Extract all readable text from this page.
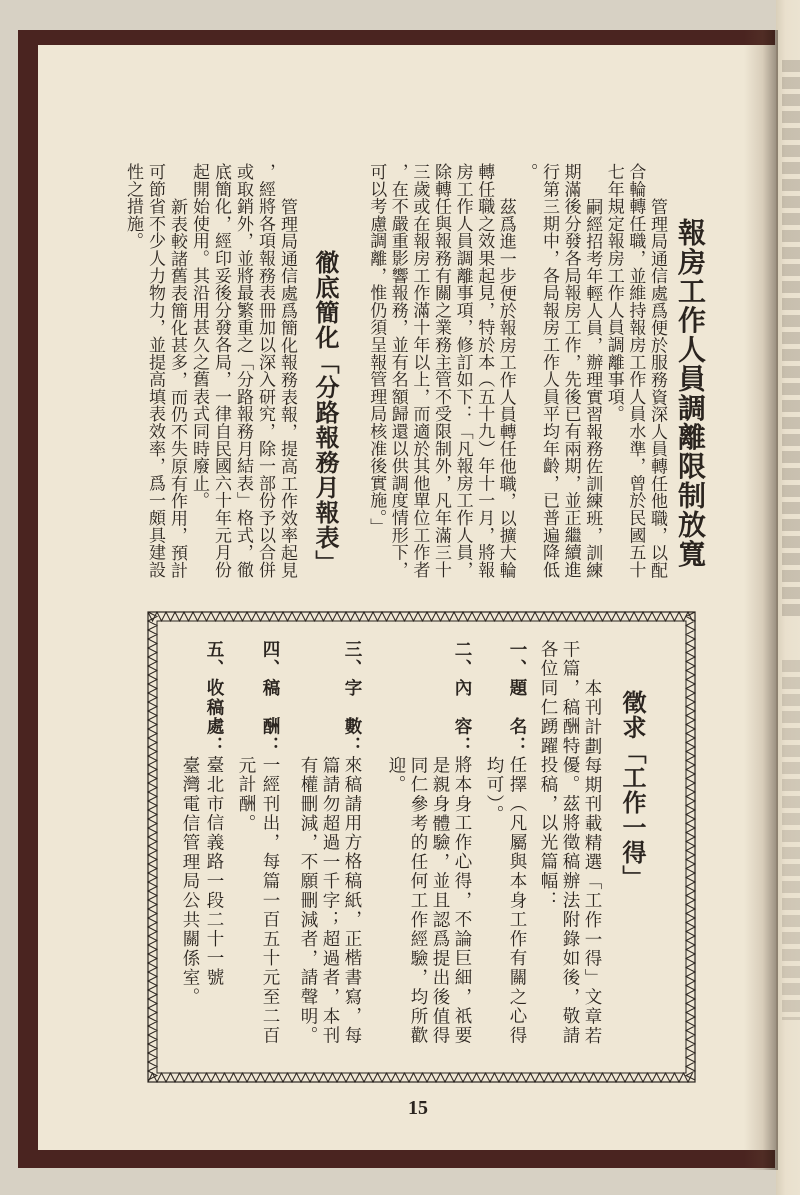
報房工作人員調離限制放寬
管理局通信處爲便於服務資深人員轉任他職，以配
合輪轉任職，並維持報房工作人員水準，曾於民國五十
七年規定報房工作人員調離事項。
嗣經招考年輕人員，辦理實習報務佐訓練班，訓練
期滿後分發各局報房工作，先後已有兩期，並正繼續進
行第三期中，各局報房工作人員平均年齡，已普遍降低
。
茲爲進一步便於報房工作人員轉任他職，以擴大輪
轉任職之效果起見，特於本（五十九）年十一月，將報
房工作人員調離事項，修訂如下：「凡報房工作人員，
除轉任與報務有關之業務主管不受限制外，凡年滿三十
三歲或在報房工作滿十年以上，而適於其他單位工作者
，在不嚴重影響報務，並有名額歸還以供調度情形下，
可以考慮調離，惟仍須呈報管理局核准後實施。」
徹底簡化「分路報務月報表」
管理局通信處爲簡化報務表報，提高工作效率起見
，經將各項報務表冊加以深入研究，除一部份予以合併
或取銷外，並將最繁重之「分路報務月結表」格式，徹
底簡化，經印妥後分發各局，一律自民國六十年元月份
起開始使用。其沿用甚久之舊表式同時廢止。
新表較諸舊表簡化甚多，而仍不失原有作用，預計
可節省不少人力物力，並提高填表效率，爲一頗具建設
性之措施。
徵求「工作一得」
本刊計劃每期刊載精選「工作一得」文章若
干篇，稿酬特優。茲將徵稿辦法附錄如後，敬請
各位同仁踴躍投稿，以光篇幅：
一、題　名：任擇（凡屬與本身工作有關之心得
均可）。
二、內　容：將本身工作心得，不論巨細，祇要
是親身體驗，並且認爲提出後值得
同仁參考的任何工作經驗，均所歡
迎。
三、字　數：來稿請用方格稿紙，正楷書寫，每
篇請勿超過一千字；超過者，本刊
有權刪減，不願刪減者，請聲明。
四、稿　酬：一經刊出，每篇一百五十元至二百
元計酬。
五、收稿處：臺北市信義路一段二十一號
臺灣電信管理局公共關係室。
15
